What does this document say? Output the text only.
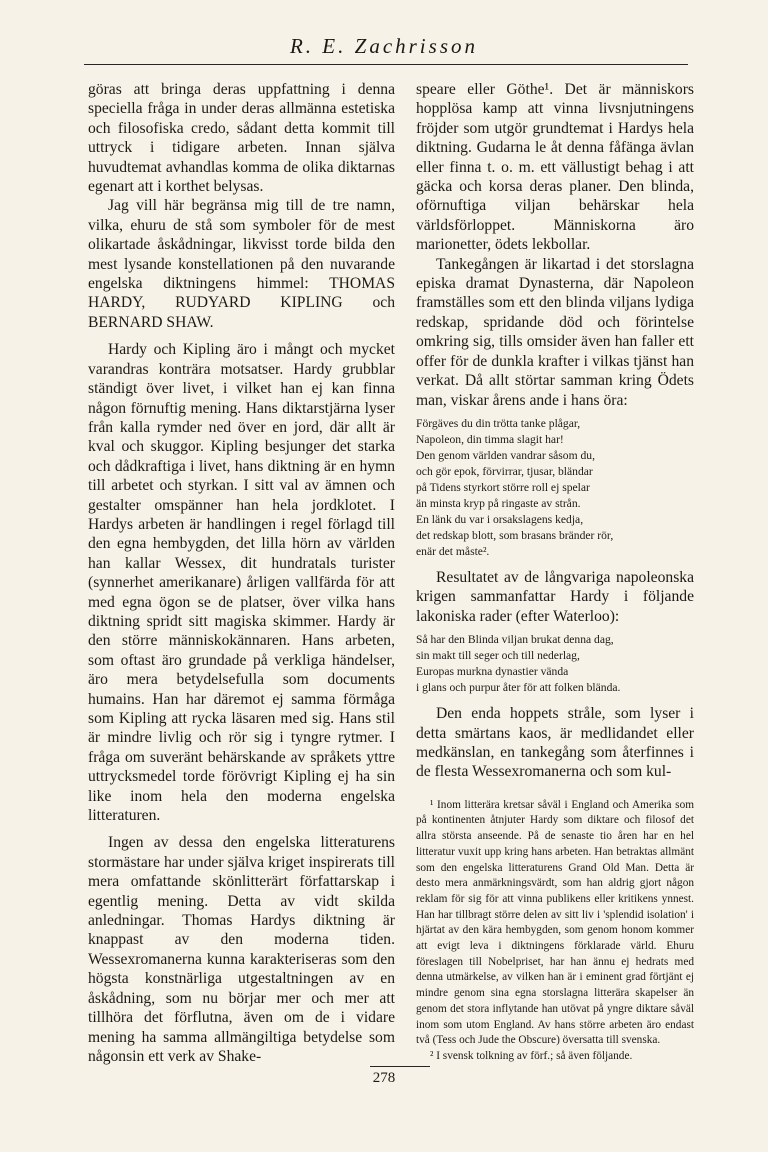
R. E. Zachrisson

göras att bringa deras uppfattning i denna speciella fråga in under deras allmänna estetiska och filosofiska credo, sådant detta kommit till uttryck i tidigare arbeten. Innan själva huvudtemat avhandlas komma de olika diktarnas egenart att i korthet belysas.

Jag vill här begränsa mig till de tre namn, vilka, ehuru de stå som symboler för de mest olikartade åskådningar, likvisst torde bilda den mest lysande konstellationen på den nuvarande engelska diktningens himmel: THOMAS HARDY, RUDYARD KIPLING och BERNARD SHAW.

Hardy och Kipling äro i mångt och mycket varandras konträra motsatser. Hardy grubblar ständigt över livet, i vilket han ej kan finna någon förnuftig mening. Hans diktarstjärna lyser från kalla rymder ned över en jord, där allt är kval och skuggor. Kipling besjunger det starka och dådkraftiga i livet, hans diktning är en hymn till arbetet och styrkan. I sitt val av ämnen och gestalter omspänner han hela jordklotet. I Hardys arbeten är handlingen i regel förlagd till den egna hembygden, det lilla hörn av världen han kallar Wessex, dit hundratals turister (synnerhet amerikanare) årligen vallfärda för att med egna ögon se de platser, över vilka hans diktning spridt sitt magiska skimmer. Hardy är den större människokännaren. Hans arbeten, som oftast äro grundade på verkliga händelser, äro mera betydelsefulla som documents humains. Han har däremot ej samma förmåga som Kipling att rycka läsaren med sig. Hans stil är mindre livlig och rör sig i tyngre rytmer. I fråga om suveränt behärskande av språkets yttre uttrycksmedel torde förövrigt Kipling ej ha sin like inom hela den moderna engelska litteraturen.

Ingen av dessa den engelska litteraturens stormästare har under själva kriget inspirerats till mera omfattande skönlitterärt författarskap i egentlig mening. Detta av vidt skilda anledningar. Thomas Hardys diktning är knappast av den moderna tiden. Wessexromanerna kunna karakteriseras som den högsta konstnärliga utgestaltningen av en åskådning, som nu börjar mer och mer att tillhöra det förflutna, även om de i vidare mening ha samma allmängiltiga betydelse som någonsin ett verk av Shake-

speare eller Göthe¹. Det är människors hopplösa kamp att vinna livsnjutningens fröjder som utgör grundtemat i Hardys hela diktning. Gudarna le åt denna fåfänga ävlan eller finna t. o. m. ett vällustigt behag i att gäcka och korsa deras planer. Den blinda, oförnuftiga viljan behärskar hela världsförloppet. Människorna äro marionetter, ödets lekbollar.

Tankegången är likartad i det storslagna episka dramat Dynasterna, där Napoleon framställes som ett den blinda viljans lydiga redskap, spridande död och förintelse omkring sig, tills omsider även han faller ett offer för de dunkla krafter i vilkas tjänst han verkat. Då allt störtar samman kring Ödets man, viskar årens ande i hans öra:

Förgäves du din trötta tanke plågar,
Napoleon, din timma slagit har!
Den genom världen vandrar såsom du,
och gör epok, förvirrar, tjusar, bländar
på Tidens styrkort större roll ej spelar
än minsta kryp på ringaste av strån.
En länk du var i orsakslagens kedja,
det redskap blott, som brasans bränder rör,
enär det måste².

Resultatet av de långvariga napoleonska krigen sammanfattar Hardy i följande lakoniska rader (efter Waterloo):

Så har den Blinda viljan brukat denna dag,
sin makt till seger och till nederlag,
Europas murkna dynastier vända
i glans och purpur åter för att folken blända.

Den enda hoppets stråle, som lyser i detta smärtans kaos, är medlidandet eller medkänslan, en tankegång som återfinnes i de flesta Wessexromanerna och som kul-

¹ Inom litterära kretsar såväl i England och Amerika som på kontinenten åtnjuter Hardy som diktare och filosof det allra största anseende. På de senaste tio åren har en hel litteratur vuxit upp kring hans arbeten. Han betraktas allmänt som den engelska litteraturens Grand Old Man. Detta är desto mera anmärkningsvärdt, som han aldrig gjort någon reklam för sig för att vinna publikens eller kritikens ynnest. Han har tillbragt större delen av sitt liv i 'splendid isolation' i hjärtat av den kära hembygden, som genom honom kommer att evigt leva i diktningens förklarade värld. Ehuru föreslagen till Nobelpriset, har han ännu ej hedrats med denna utmärkelse, av vilken han är i eminent grad förtjänt ej mindre genom sina egna storslagna litterära skapelser än genom det stora inflytande han utövat på yngre diktare såväl inom som utom England. Av hans större arbeten äro endast två (Tess och Jude the Obscure) översatta till svenska.

² I svensk tolkning av förf.; så även följande.

278
